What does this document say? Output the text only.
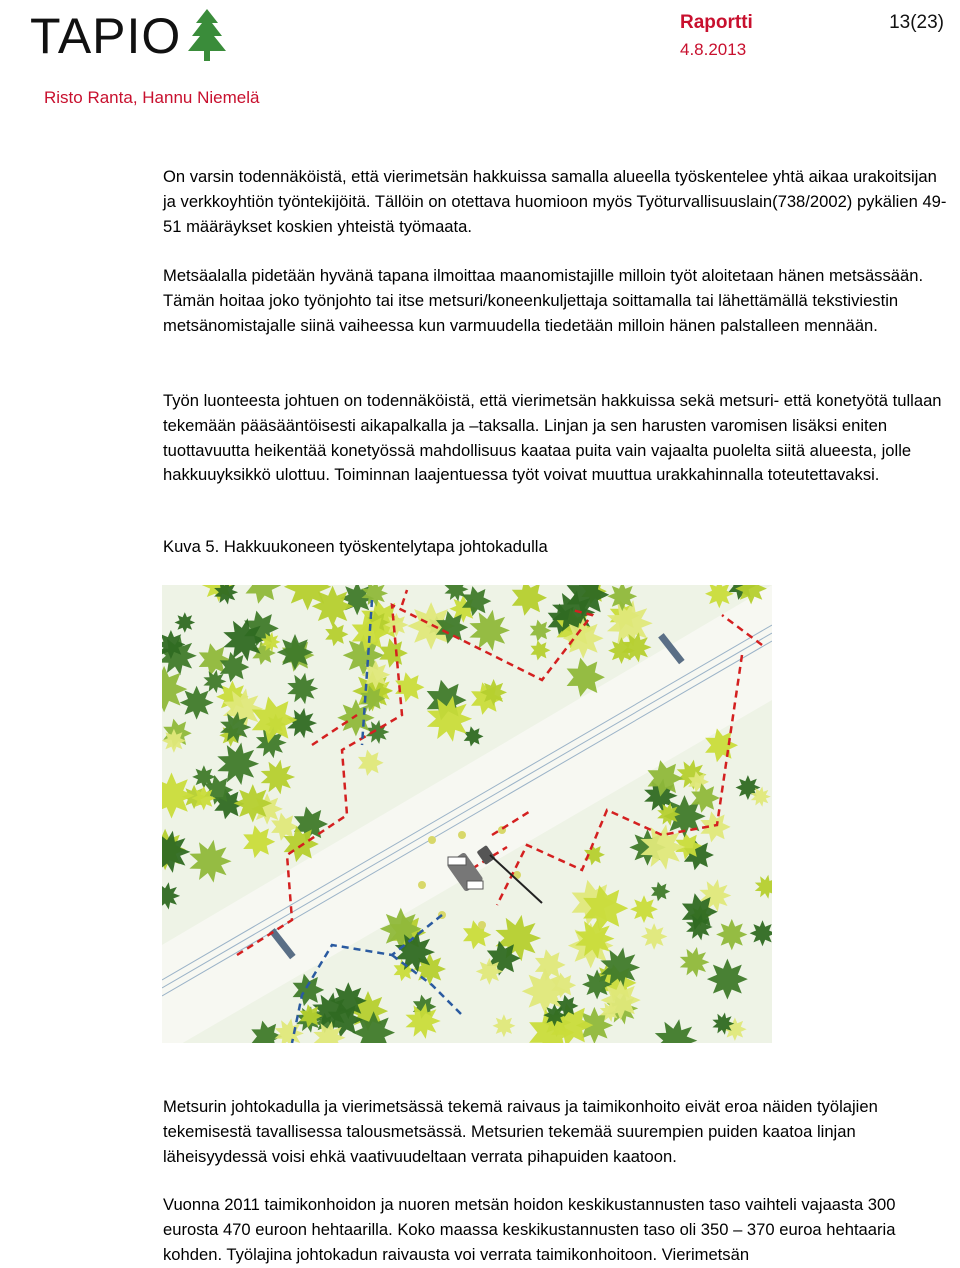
TAPIO	Raportti	13(23)
4.8.2013
Risto Ranta, Hannu Niemelä

On varsin todennäköistä, että vierimetsän hakkuissa samalla alueella työskentelee yhtä aikaa urakoitsijan ja verkkoyhtiön työntekijöitä. Tällöin on otettava huomioon myös Työturvallisuuslain(738/2002) pykälien 49-51 määräykset koskien yhteistä työmaata.

Metsäalalla pidetään hyvänä tapana ilmoittaa maanomistajille milloin työt aloitetaan hänen metsässään. Tämän hoitaa joko työnjohto tai itse metsuri/koneenkuljettaja soittamalla tai lähettämällä tekstiviestin metsänomistajalle siinä vaiheessa kun varmuudella tiedetään milloin hänen palstalleen mennään.

Työn luonteesta johtuen on todennäköistä, että vierimetsän hakkuissa sekä metsuri- että konetyötä tullaan tekemään pääsääntöisesti aikapalkalla ja –taksalla. Linjan ja sen harusten varomisen lisäksi eniten tuottavuutta heikentää konetyössä mahdollisuus kaataa puita vain vajaalta puolelta siitä alueesta, jolle hakkuuyksikkö ulottuu. Toiminnan laajentuessa työt voivat muuttua urakkahinnalla toteutettavaksi.

Kuva 5. Hakkuukoneen työskentelytapa johtokadulla

Metsurin johtokadulla ja vierimetsässä tekemä raivaus ja taimikonhoito eivät eroa näiden työlajien tekemisestä tavallisessa talousmetsässä. Metsurien tekemää suurempien puiden kaatoa linjan läheisyydessä voisi ehkä vaativuudeltaan verrata pihapuiden kaatoon.

Vuonna 2011 taimikonhoidon ja nuoren metsän hoidon keskikustannusten taso vaihteli vajaasta 300 eurosta 470 euroon hehtaarilla. Koko maassa keskikustannusten taso oli 350 – 370 euroa hehtaaria kohden. Työlajina johtokadun raivausta voi verrata taimikonhoitoon. Vierimetsän
